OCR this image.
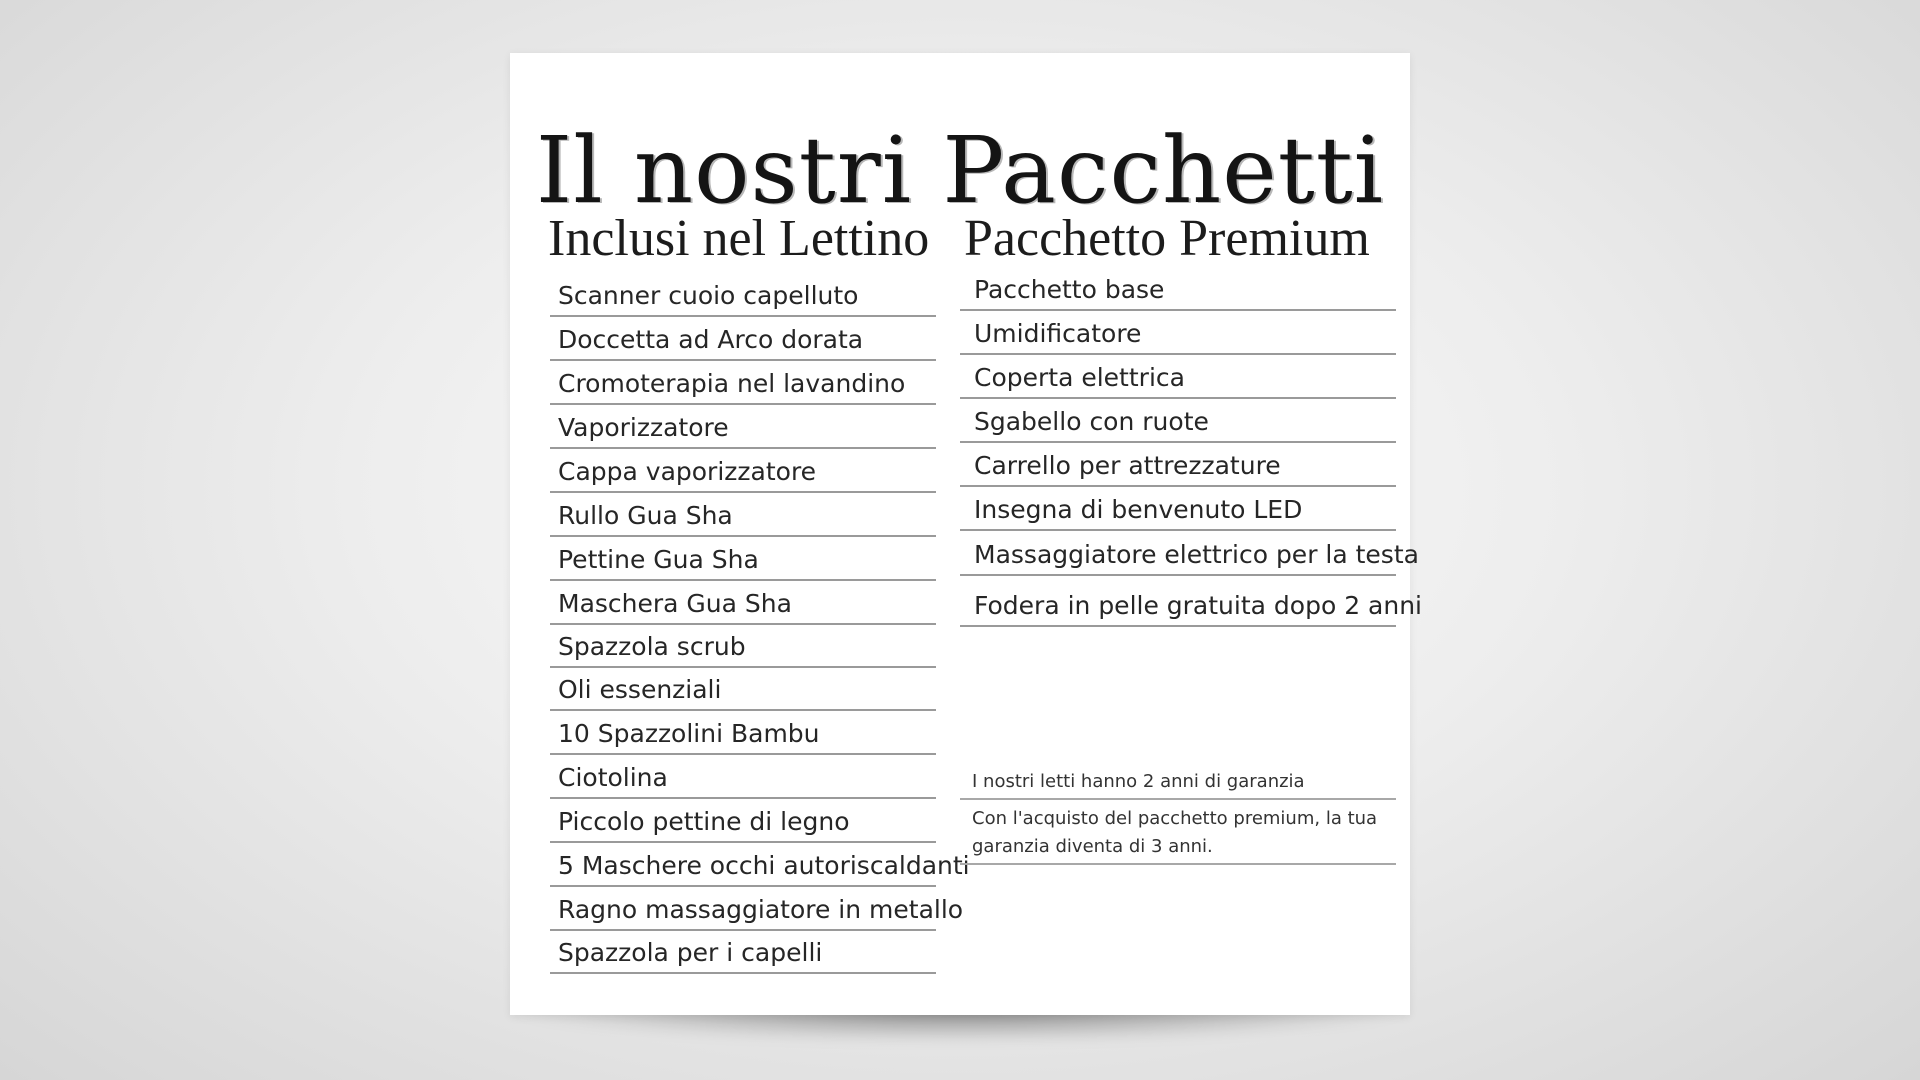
Il nostri Pacchetti
Inclusi nel Lettino Pacchetto Premium
Scanner cuoio capelluto
Doccetta ad Arco dorata
Cromoterapia nel lavandino
Vaporizzatore
Cappa vaporizzatore
Rullo Gua Sha
Pettine Gua Sha
Maschera Gua Sha
Spazzola scrub
Oli essenziali
10 Spazzolini Bambu
Ciotolina
Piccolo pettine di legno
5 Maschere occhi autoriscaldanti
Ragno massaggiatore in metallo
Spazzola per i capelli
Pacchetto base
Umidificatore
Coperta elettrica
Sgabello con ruote
Carrello per attrezzature
Insegna di benvenuto LED
Massaggiatore elettrico per la testa
Fodera in pelle gratuita dopo 2 anni
I nostri letti hanno 2 anni di garanzia
Con l'acquisto del pacchetto premium, la tua garanzia diventa di 3 anni.
